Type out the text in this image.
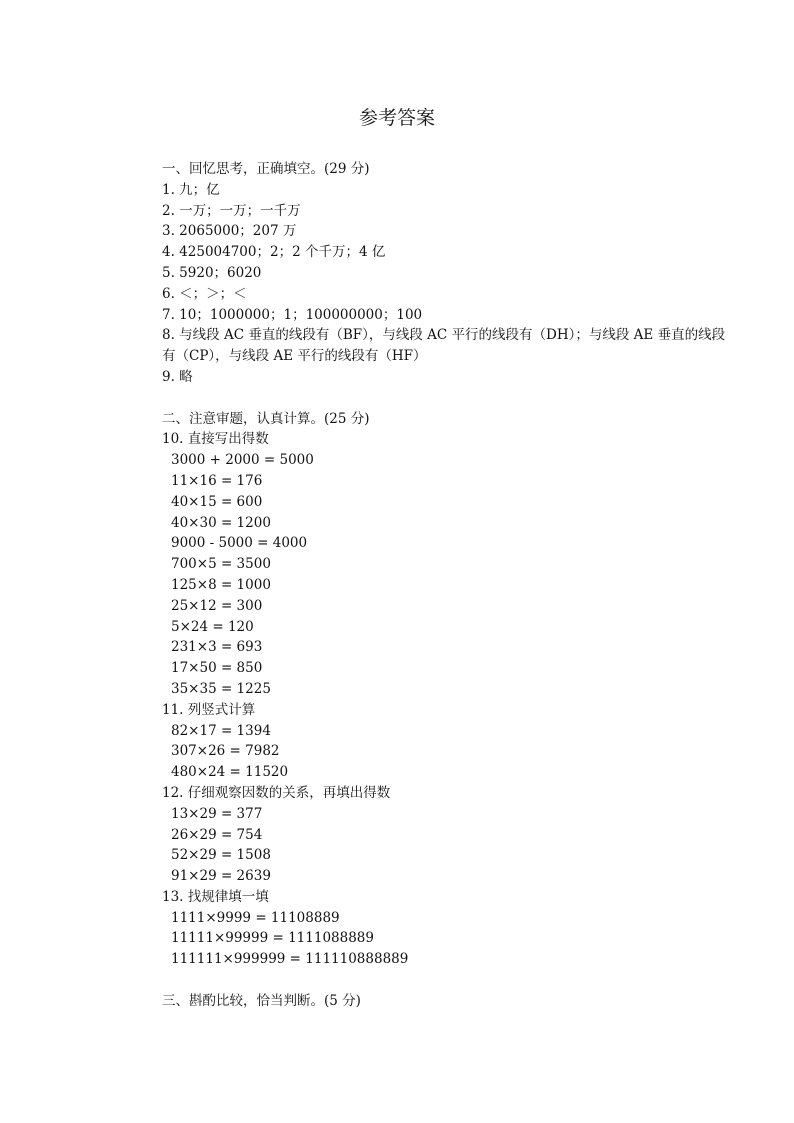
参考答案
一、回忆思考，正确填空。(29 分)
1. 九；亿
2. 一万；一万；一千万
3. 2065000；207 万
4. 425004700；2；2 个千万；4 亿
5. 5920；6020
6. ＜；＞；＜
7. 10；1000000；1；100000000；100
8. 与线段 AC 垂直的线段有（BF），与线段 AC 平行的线段有（DH）；与线段 AE 垂直的线段有（CP），与线段 AE 平行的线段有（HF）
9. 略
二、注意审题，认真计算。(25 分)
10. 直接写出得数
3000 + 2000 = 5000
11×16 = 176
40×15 = 600
40×30 = 1200
9000 - 5000 = 4000
700×5 = 3500
125×8 = 1000
25×12 = 300
5×24 = 120
231×3 = 693
17×50 = 850
35×35 = 1225
11. 列竖式计算
82×17 = 1394
307×26 = 7982
480×24 = 11520
12. 仔细观察因数的关系，再填出得数
13×29 = 377
26×29 = 754
52×29 = 1508
91×29 = 2639
13. 找规律填一填
1111×9999 = 11108889
11111×99999 = 1111088889
111111×999999 = 111110888889
三、斟酌比较，恰当判断。(5 分)
